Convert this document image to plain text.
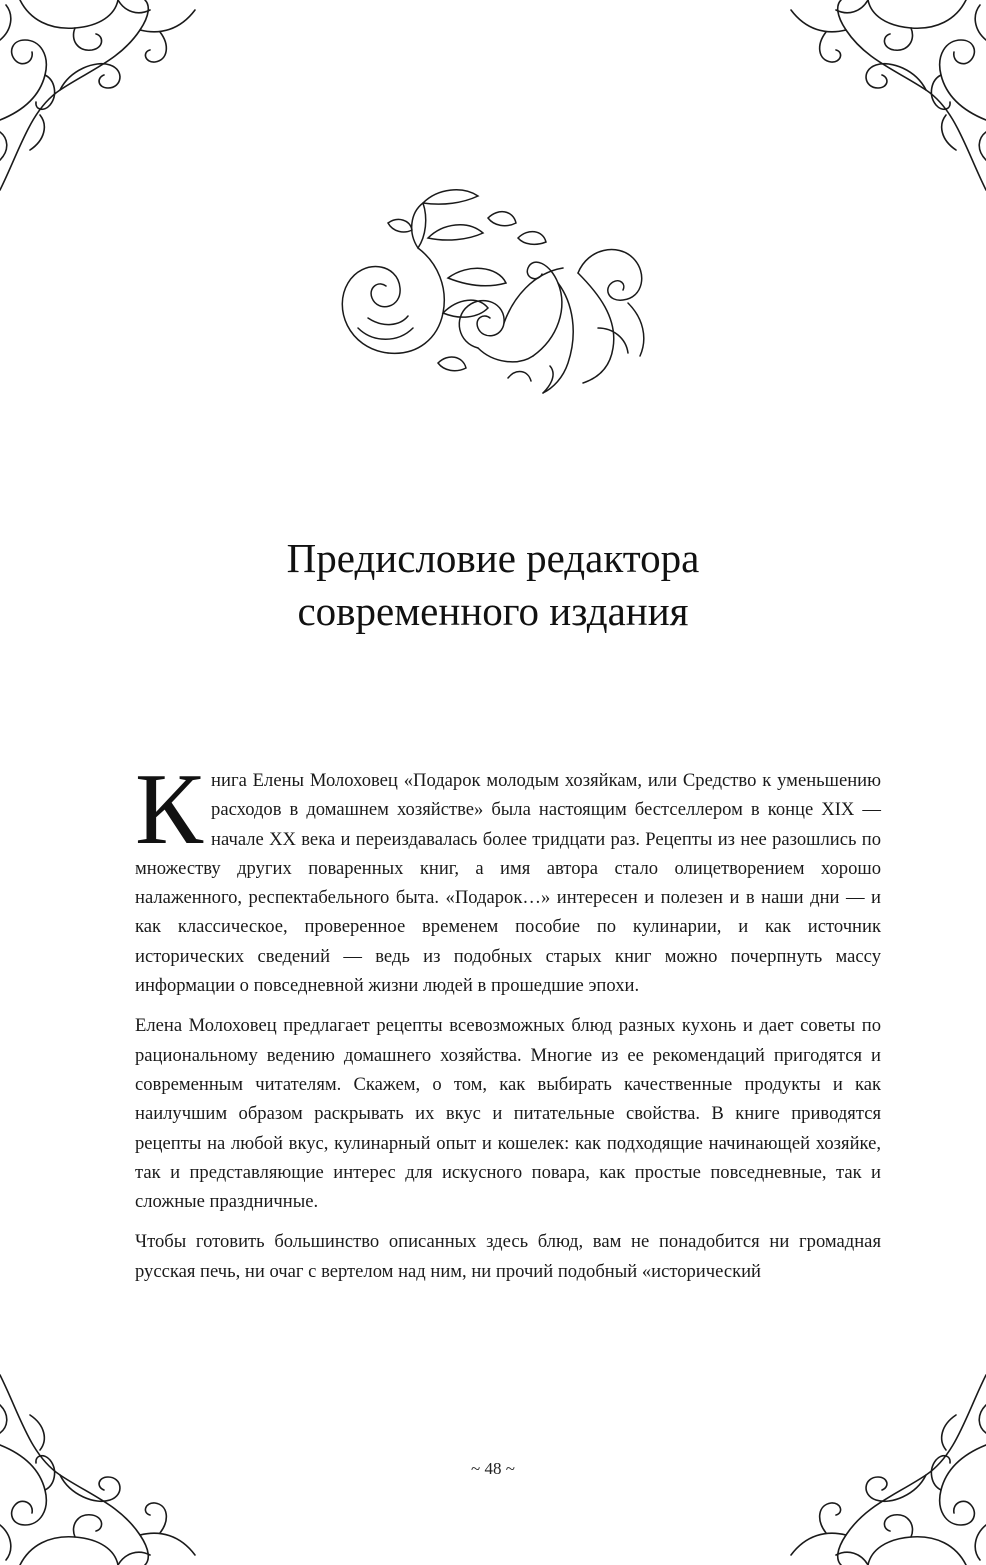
Предисловие редактора
современного издания

Книга Елены Молоховец «Подарок молодым хозяйкам, или Средство к уменьшению расходов в домашнем хозяйстве» была настоящим бестселлером в конце XIX — начале XX века и переиздавалась более тридцати раз. Рецепты из нее разошлись по множеству других поваренных книг, а имя автора стало олицетворением хорошо налаженного, респектабельного быта. «Подарок…» интересен и полезен и в наши дни — и как классическое, проверенное временем пособие по кулинарии, и как источник исторических сведений — ведь из подобных старых книг можно почерпнуть массу информации о повседневной жизни людей в прошедшие эпохи.

Елена Молоховец предлагает рецепты всевозможных блюд разных кухонь и дает советы по рациональному ведению домашнего хозяйства. Многие из ее рекомендаций пригодятся и современным читателям. Скажем, о том, как выбирать качественные продукты и как наилучшим образом раскрывать их вкус и питательные свойства. В книге приводятся рецепты на любой вкус, кулинарный опыт и кошелек: как подходящие начинающей хозяйке, так и представляющие интерес для искусного повара, как простые повседневные, так и сложные праздничные.

Чтобы готовить большинство описанных здесь блюд, вам не понадобится ни громадная русская печь, ни очаг с вертелом над ним, ни прочий подобный «исторический

~ 48 ~
